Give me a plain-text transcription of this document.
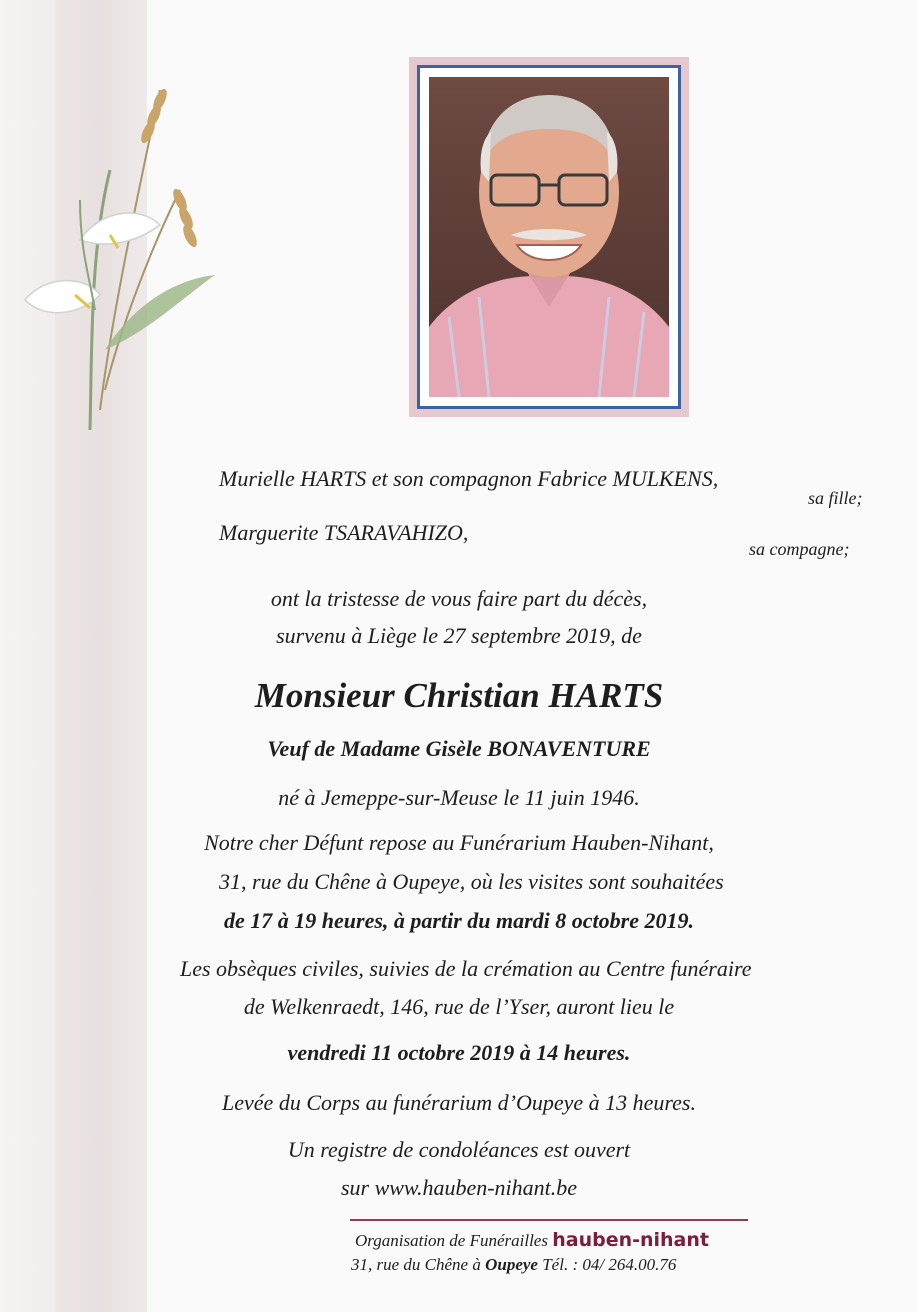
Murielle HARTS et son compagnon Fabrice MULKENS,
sa fille;
Marguerite TSARAVAHIZO,
sa compagne;
ont la tristesse de vous faire part du décès,
survenu à Liège le 27 septembre 2019, de
Monsieur Christian HARTS
Veuf de Madame Gisèle BONAVENTURE
né à Jemeppe-sur-Meuse le 11 juin 1946.
Notre cher Défunt repose au Funérarium Hauben-Nihant,
31, rue du Chêne à Oupeye, où les visites sont souhaitées
de 17 à 19 heures, à partir du mardi 8 octobre 2019.
Les obsèques civiles, suivies de la crémation au Centre funéraire
de Welkenraedt, 146, rue de l’Yser, auront lieu le
vendredi 11 octobre 2019 à 14 heures.
Levée du Corps au funérarium d’Oupeye à 13 heures.
Un registre de condoléances est ouvert
sur www.hauben-nihant.be
Organisation de Funérailles hauben-nihant
31, rue du Chêne à Oupeye Tél. : 04/ 264.00.76
